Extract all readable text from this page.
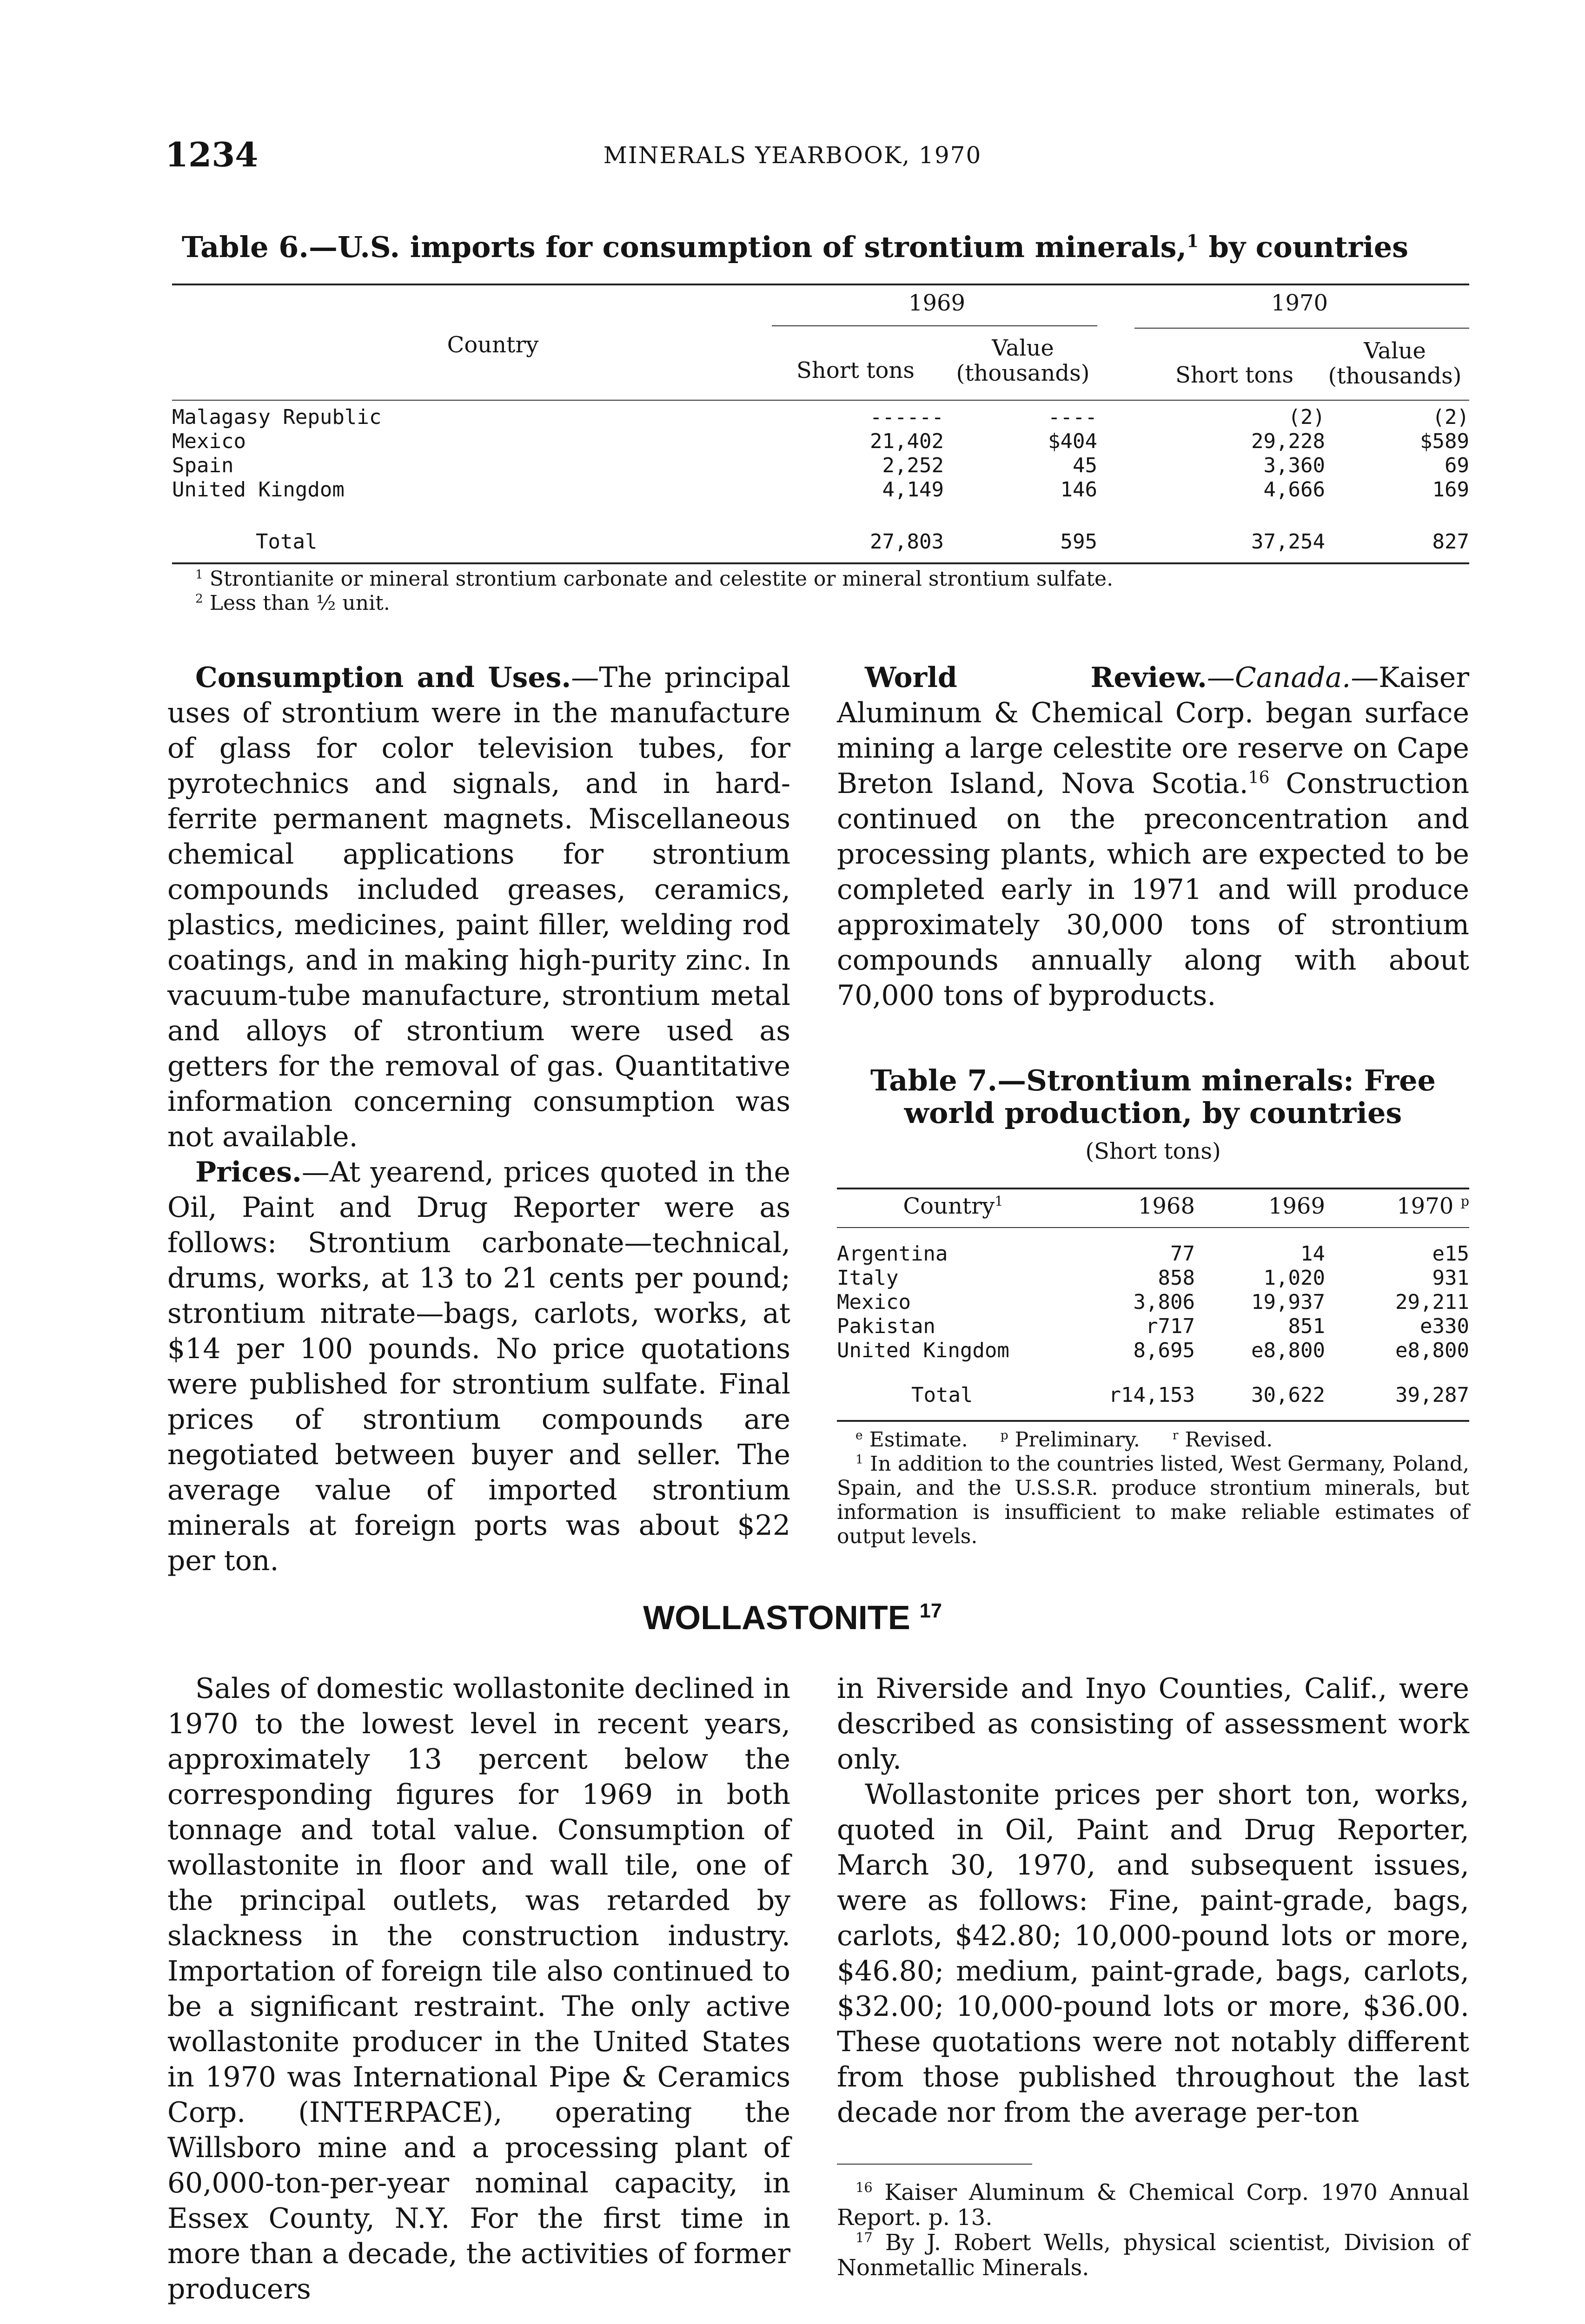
1234	MINERALS YEARBOOK, 1970
Table 6.—U.S. imports for consumption of strontium minerals,$^1$ by countries
1969	1970
Country
Short tons
Value
(thousands)	Short tons
Value
(thousands)
Malagasy Republic	------	----	(2)	(2)
Mexico	21,402	$404	29,228	$589
Spain	2,252	45	3,360	69
United Kingdom	4,149	146	4,666	169

Total	27,803	595	37,254	827
$^1$ Strontianite or mineral strontium carbonate and celestite or mineral strontium sulfate.
$^2$ Less than ½ unit.

Consumption and Uses.—The principal uses of strontium were in the manufacture of glass for color television tubes, for pyrotechnics and signals, and in hard-ferrite permanent magnets. Miscellaneous chemical applications for strontium compounds included greases, ceramics, plastics, medicines, paint filler, welding rod coatings, and in making high-purity zinc. In vacuum-tube manufacture, strontium metal and alloys of strontium were used as getters for the removal of gas. Quantitative information concerning consumption was not available.

Prices.—At yearend, prices quoted in the Oil, Paint and Drug Reporter were as follows: Strontium carbonate—technical, drums, works, at 13 to 21 cents per pound; strontium nitrate—bags, carlots, works, at $14 per 100 pounds. No price quotations were published for strontium sulfate. Final prices of strontium compounds are negotiated between buyer and seller. The average value of imported strontium minerals at foreign ports was about $22 per ton.

World Review.—Canada.—Kaiser Aluminum & Chemical Corp. began surface mining a large celestite ore reserve on Cape Breton Island, Nova Scotia.$^{16}$ Construction continued on the preconcentration and processing plants, which are expected to be completed early in 1971 and will produce approximately 30,000 tons of strontium compounds annually along with about 70,000 tons of byproducts.

Table 7.—Strontium minerals: Free
world production, by countries
(Short tons)
Country$^1$	1968	1969	1970 $^p$
Argentina	77	14	e15
Italy	858	1,020	931
Mexico	3,806	19,937	29,211
Pakistan	r717	851	e330
United Kingdom	8,695	e8,800	e8,800

Total	r14,153	30,622	39,287
$^e$ Estimate.	$^p$ Preliminary.	$^r$ Revised.
$^1$ In addition to the countries listed, West Germany, Poland, Spain, and the U.S.S.R. produce strontium minerals, but information is insufficient to make reliable estimates of output levels.
WOLLASTONITE $^{17}$

Sales of domestic wollastonite declined in 1970 to the lowest level in recent years, approximately 13 percent below the corresponding figures for 1969 in both tonnage and total value. Consumption of wollastonite in floor and wall tile, one of the principal outlets, was retarded by slackness in the construction industry. Importation of foreign tile also continued to be a significant restraint. The only active wollastonite producer in the United States in 1970 was International Pipe & Ceramics Corp. (INTERPACE), operating the Willsboro mine and a processing plant of 60,000-ton-per-year nominal capacity, in Essex County, N.Y. For the first time in more than a decade, the activities of former producers

in Riverside and Inyo Counties, Calif., were described as consisting of assessment work only.

Wollastonite prices per short ton, works, quoted in Oil, Paint and Drug Reporter, March 30, 1970, and subsequent issues, were as follows: Fine, paint-grade, bags, carlots, $42.80; 10,000-pound lots or more, $46.80; medium, paint-grade, bags, carlots, $32.00; 10,000-pound lots or more, $36.00. These quotations were not notably different from those published throughout the last decade nor from the average per-ton

$^{16}$ Kaiser Aluminum & Chemical Corp. 1970 Annual Report. p. 13.
$^{17}$ By J. Robert Wells, physical scientist, Division of Nonmetallic Minerals.
